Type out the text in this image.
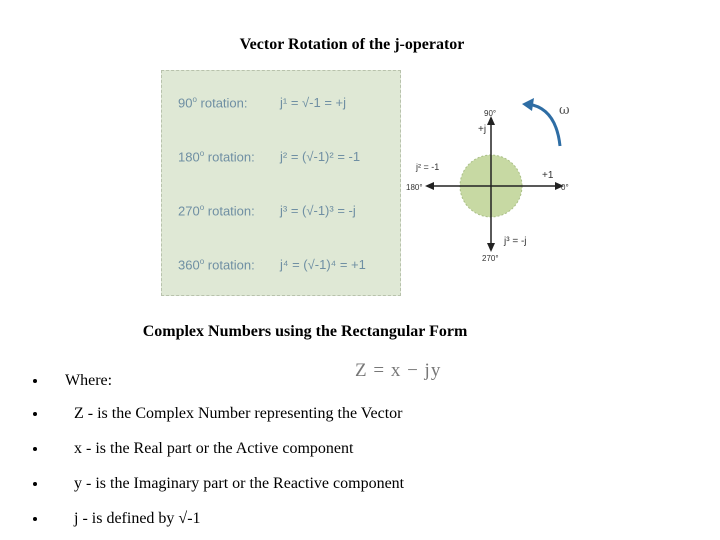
Vector Rotation of the j-operator
90$^o$ rotation: j¹ = √-1 = +j
180$^o$ rotation: j² = (√-1)² = -1
270$^o$ rotation: j³ = (√-1)³ = -j
360$^o$ rotation: j⁴ = (√-1)⁴ = +1
ω
90°
+j
j² = -1
180°
+1
0°
j³ = -j
270°
Complex Numbers using the Rectangular Form
Z = x − jy
Where:
Z - is the Complex Number representing the Vector
x - is the Real part or the Active component
y - is the Imaginary part or the Reactive component
j - is defined by √-1
